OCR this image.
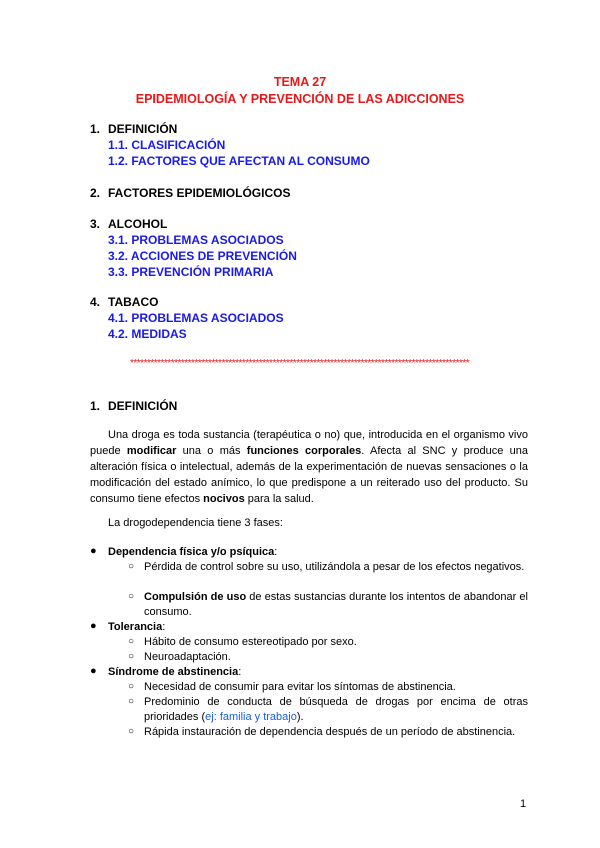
TEMA 27
EPIDEMIOLOGÍA Y PREVENCIÓN DE LAS ADICCIONES
1. DEFINICIÓN
1.1. CLASIFICACIÓN
1.2. FACTORES QUE AFECTAN AL CONSUMO
2. FACTORES EPIDEMIOLÓGICOS
3. ALCOHOL
3.1. PROBLEMAS ASOCIADOS
3.2. ACCIONES DE PREVENCIÓN
3.3. PREVENCIÓN PRIMARIA
4. TABACO
4.1. PROBLEMAS ASOCIADOS
4.2. MEDIDAS
****************************************************************************************************
1. DEFINICIÓN

Una droga es toda sustancia (terapéutica o no) que, introducida en el organismo vivo puede modificar una o más funciones corporales. Afecta al SNC y produce una alteración física o intelectual, además de la experimentación de nuevas sensaciones o la modificación del estado anímico, lo que predispone a un reiterado uso del producto. Su consumo tiene efectos nocivos para la salud.

La drogodependencia tiene 3 fases:

● Dependencia física y/o psíquica:
○ Pérdida de control sobre su uso, utilizándola a pesar de los efectos negativos.

○ Compulsión de uso de estas sustancias durante los intentos de abandonar el consumo.

● Tolerancia:
○ Hábito de consumo estereotipado por sexo.

○ Neuroadaptación.

● Síndrome de abstinencia:
○ Necesidad de consumir para evitar los síntomas de abstinencia.

○ Predominio de conducta de búsqueda de drogas por encima de otras prioridades (ej: familia y trabajo).

○ Rápida instauración de dependencia después de un período de abstinencia.

1
